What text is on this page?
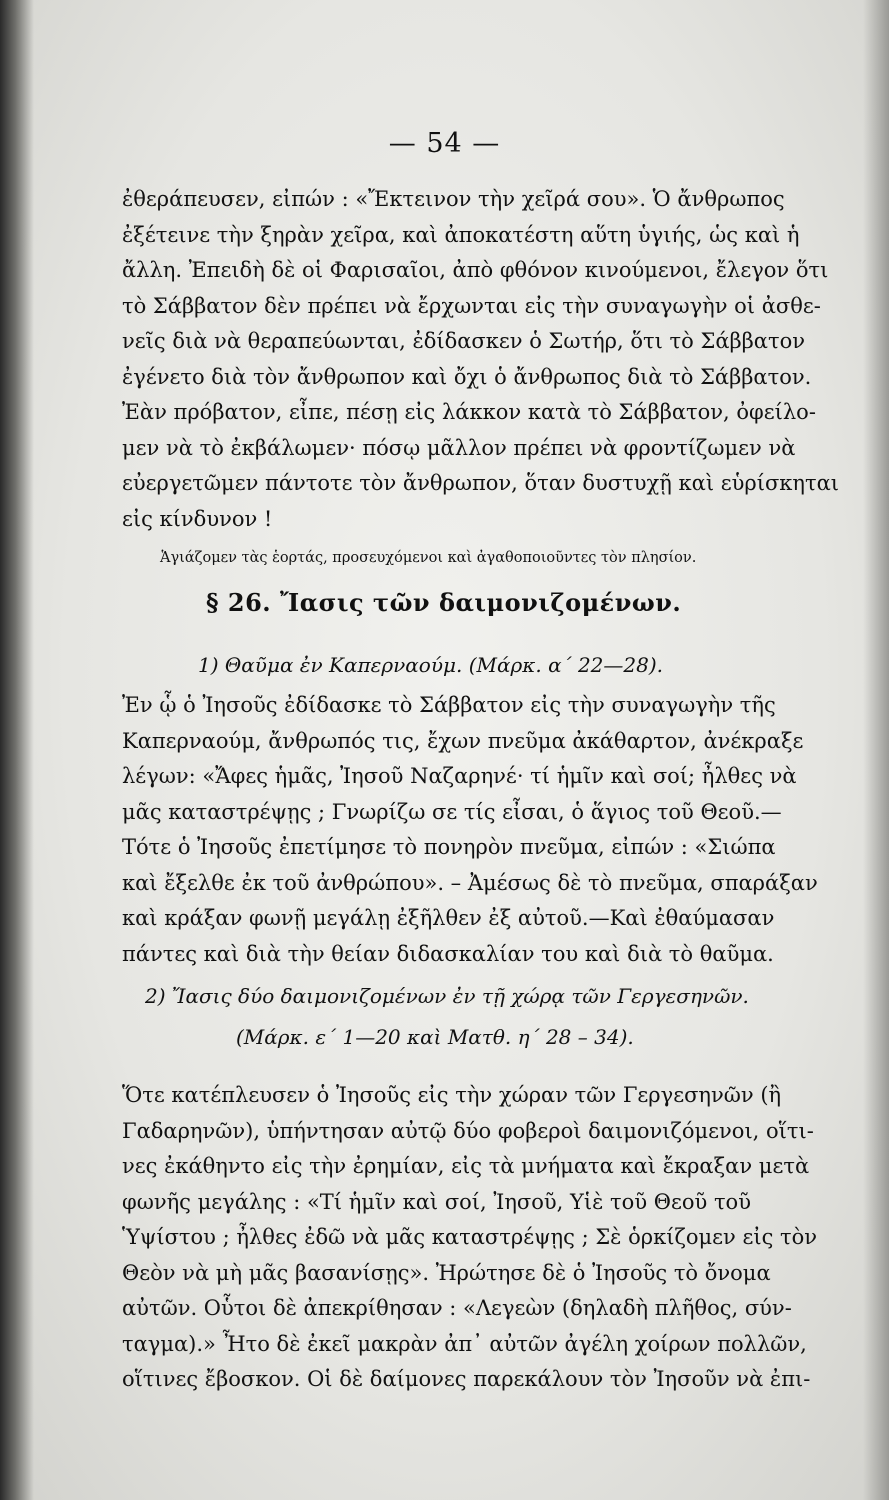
— 54 —

ἐθεράπευσεν, εἰπών : «Ἔκτεινον τὴν χεῖρά σου». Ὁ ἄνθρωπος
ἐξέτεινε τὴν ξηρὰν χεῖρα, καὶ ἀποκατέστη αὕτη ὑγιής, ὡς καὶ ἡ
ἄλλη. Ἐπειδὴ δὲ οἱ Φαρισαῖοι, ἀπὸ φθόνον κινούμενοι, ἔλεγον ὅτι
τὸ Σάββατον δὲν πρέπει νὰ ἔρχωνται εἰς τὴν συναγωγὴν οἱ ἀσθε-
νεῖς διὰ νὰ θεραπεύωνται, ἐδίδασκεν ὁ Σωτήρ, ὅτι τὸ Σάββατον
ἐγένετο διὰ τὸν ἄνθρωπον καὶ ὄχι ὁ ἄνθρωπος διὰ τὸ Σάββατον.
Ἐὰν πρόβατον, εἶπε, πέσῃ εἰς λάκκον κατὰ τὸ Σάββατον, ὀφείλο-
μεν νὰ τὸ ἐκβάλωμεν· πόσῳ μᾶλλον πρέπει νὰ φροντίζωμεν νὰ
εὐεργετῶμεν πάντοτε τὸν ἄνθρωπον, ὅταν δυστυχῇ καὶ εὑρίσκηται
εἰς κίνδυνον !

Ἁγιάζομεν τὰς ἑορτάς, προσευχόμενοι καὶ ἀγαθοποιοῦντες τὸν πλησίον.

§ 26. Ἴασις τῶν δαιμονιζομένων.
1) Θαῦμα ἐν Καπερναούμ. (Μάρκ. α΄ 22—28).

Ἐν ᾧ ὁ Ἰησοῦς ἐδίδασκε τὸ Σάββατον εἰς τὴν συναγωγὴν τῆς
Καπερναούμ, ἄνθρωπός τις, ἔχων πνεῦμα ἀκάθαρτον, ἀνέκραξε
λέγων: «Ἄφες ἡμᾶς, Ἰησοῦ Ναζαρηνέ· τί ἡμῖν καὶ σοί; ἦλθες νὰ
μᾶς καταστρέψῃς ; Γνωρίζω σε τίς εἶσαι, ὁ ἅγιος τοῦ Θεοῦ.—
Τότε ὁ Ἰησοῦς ἐπετίμησε τὸ πονηρὸν πνεῦμα, εἰπών : «Σιώπα
καὶ ἔξελθε ἐκ τοῦ ἀνθρώπου». – Ἀμέσως δὲ τὸ πνεῦμα, σπαράξαν
καὶ κράξαν φωνῇ μεγάλῃ ἐξῆλθεν ἐξ αὐτοῦ.—Καὶ ἐθαύμασαν
πάντες καὶ διὰ τὴν θείαν διδασκαλίαν του καὶ διὰ τὸ θαῦμα.

2) Ἴασις δύο δαιμονιζομένων ἐν τῇ χώρᾳ τῶν Γεργεσηνῶν.
(Μάρκ. ε΄ 1—20 καὶ Ματθ. η΄ 28 – 34).

Ὅτε κατέπλευσεν ὁ Ἰησοῦς εἰς τὴν χώραν τῶν Γεργεσηνῶν (ἢ
Γαδαρηνῶν), ὑπήντησαν αὐτῷ δύο φοβεροὶ δαιμονιζόμενοι, οἵτι-
νες ἐκάθηντο εἰς τὴν ἐρημίαν, εἰς τὰ μνήματα καὶ ἔκραξαν μετὰ
φωνῆς μεγάλης : «Τί ἡμῖν καὶ σοί, Ἰησοῦ, Υἱὲ τοῦ Θεοῦ τοῦ
Ὑψίστου ; ἦλθες ἐδῶ νὰ μᾶς καταστρέψῃς ; Σὲ ὁρκίζομεν εἰς τὸν
Θεὸν νὰ μὴ μᾶς βασανίσῃς». Ἠρώτησε δὲ ὁ Ἰησοῦς τὸ ὄνομα
αὐτῶν. Οὗτοι δὲ ἀπεκρίθησαν : «Λεγεὼν (δηλαδὴ πλῆθος, σύν-
ταγμα).» Ἦτο δὲ ἐκεῖ μακρὰν ἀπ᾽ αὐτῶν ἀγέλη χοίρων πολλῶν,
οἵτινες ἔβοσκον. Οἱ δὲ δαίμονες παρεκάλουν τὸν Ἰησοῦν νὰ ἐπι-
